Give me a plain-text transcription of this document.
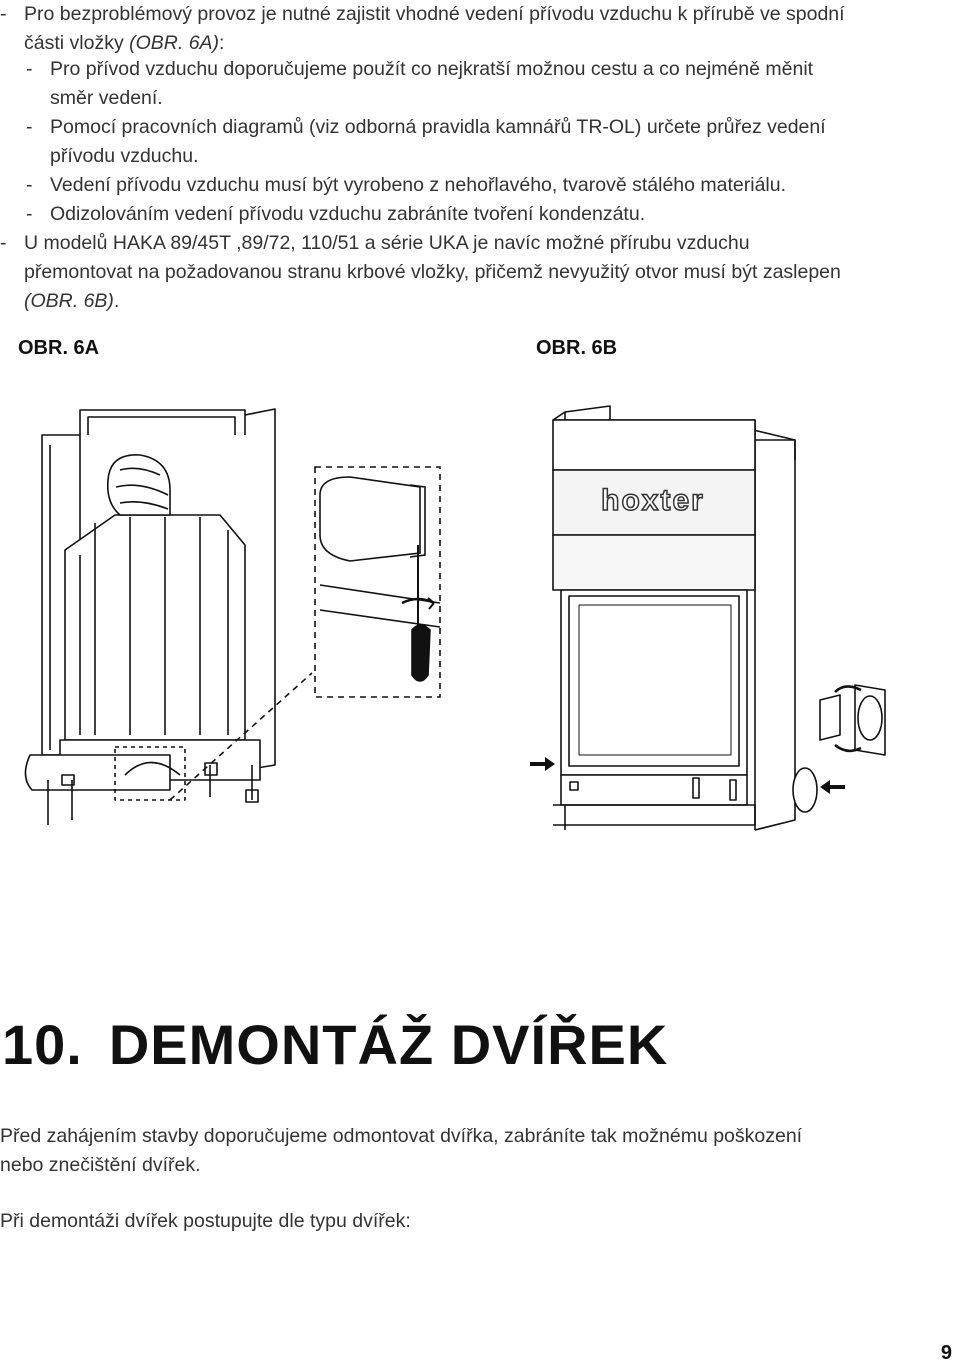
- Pro bezproblémový provoz je nutné zajistit vhodné vedení přívodu vzduchu k přírubě ve spodní
části vložky (OBR. 6A):
- Pro přívod vzduchu doporučujeme použít co nejkratší možnou cestu a co nejméně měnit
směr vedení.
- Pomocí pracovních diagramů (viz odborná pravidla kamnářů TR-OL) určete průřez vedení
přívodu vzduchu.
- Vedení přívodu vzduchu musí být vyrobeno z nehořlavého, tvarově stálého materiálu.
- Odizolováním vedení přívodu vzduchu zabráníte tvoření kondenzátu.
- U modelů HAKA 89/45T ,89/72, 110/51 a série UKA je navíc možné přírubu vzduchu
přemontovat na požadovanou stranu krbové vložky, přičemž nevyužitý otvor musí být zaslepen
(OBR. 6B).
OBR. 6A	OBR. 6B
hoxter
10. DEMONTÁŽ DVÍŘEK
Před zahájením stavby doporučujeme odmontovat dvířka, zabráníte tak možnému poškození
nebo znečištění dvířek.
Při demontáži dvířek postupujte dle typu dvířek:
9
